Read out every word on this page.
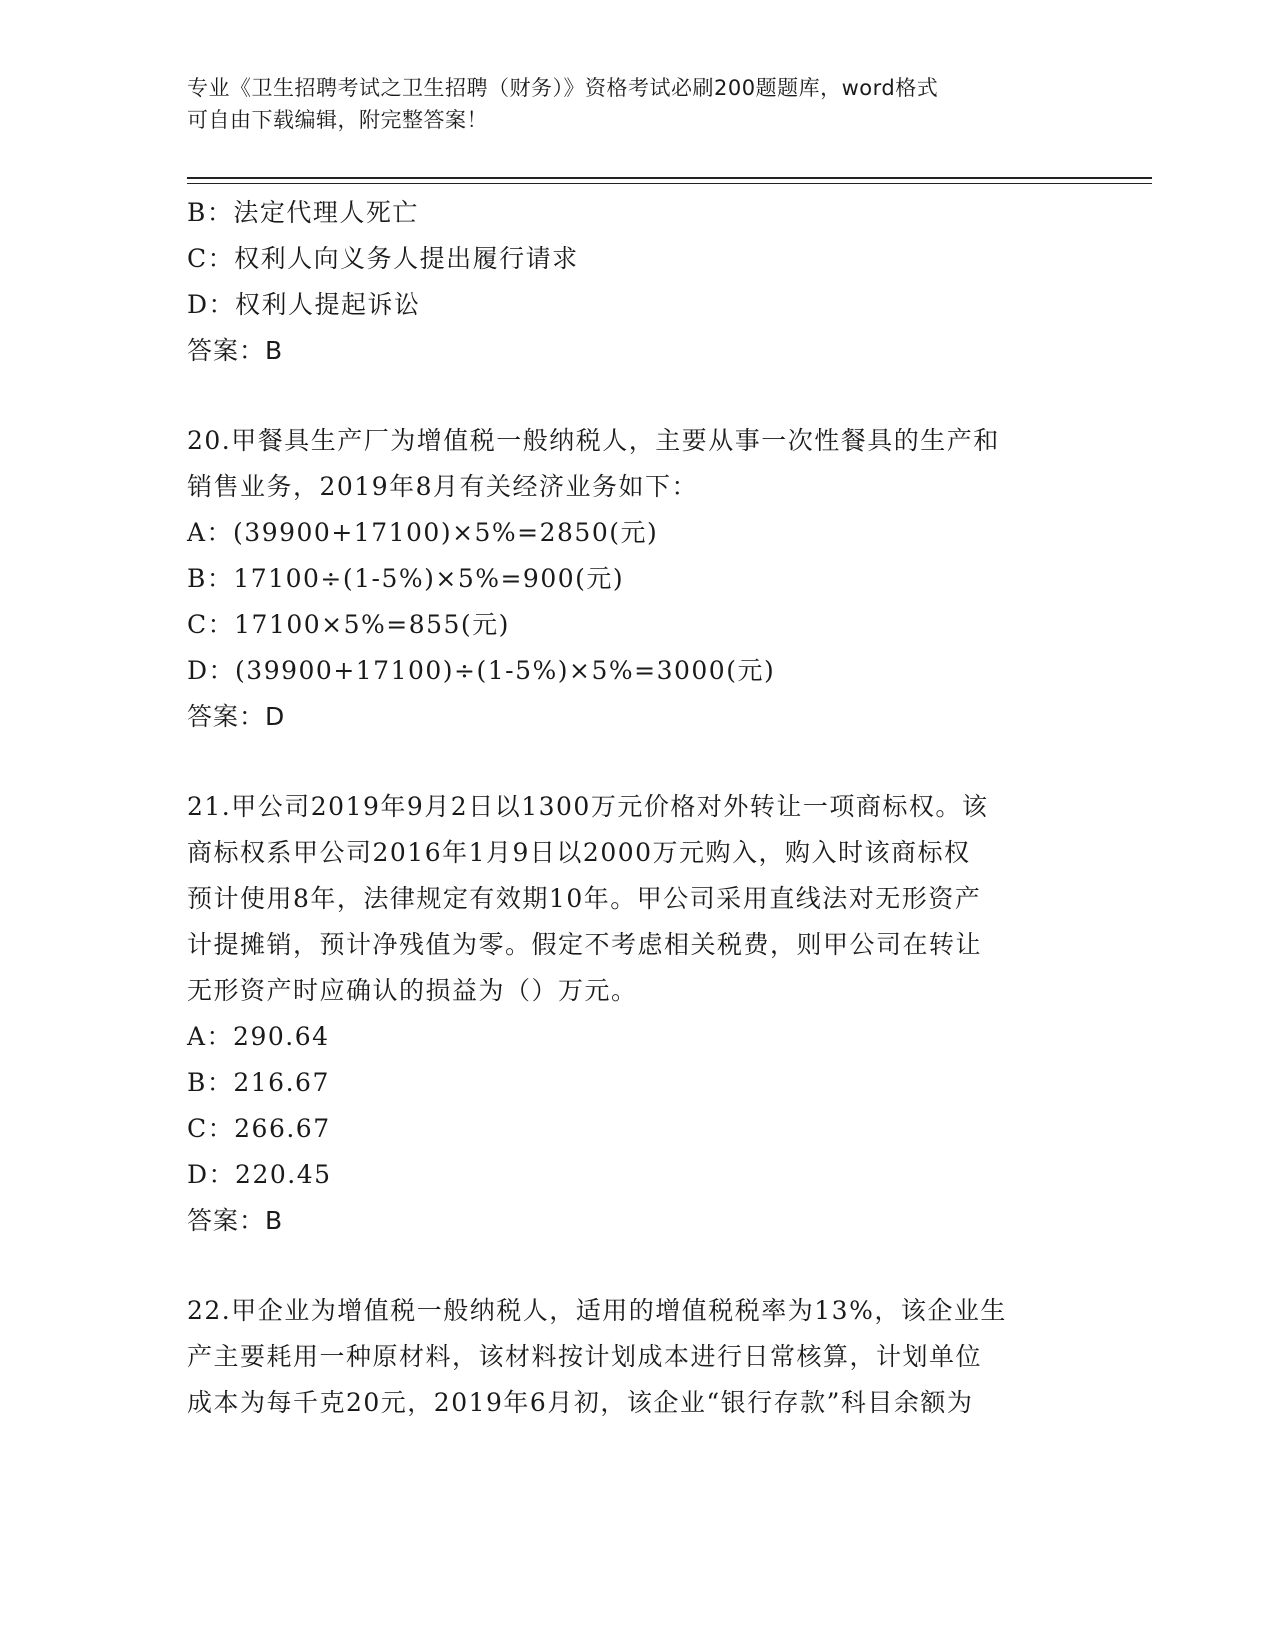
专业《卫生招聘考试之卫生招聘（财务）》资格考试必刷200题题库，word格式
可自由下载编辑，附完整答案！
B：法定代理人死亡
C：权利人向义务人提出履行请求
D：权利人提起诉讼
答案：B
20.甲餐具生产厂为增值税一般纳税人，主要从事一次性餐具的生产和
销售业务，2019年8月有关经济业务如下：
A：(39900+17100)×5%=2850(元)
B：17100÷(1-5%)×5%=900(元)
C：17100×5%=855(元)
D：(39900+17100)÷(1-5%)×5%=3000(元)
答案：D
21.甲公司2019年9月2日以1300万元价格对外转让一项商标权。该
商标权系甲公司2016年1月9日以2000万元购入，购入时该商标权
预计使用8年，法律规定有效期10年。甲公司采用直线法对无形资产
计提摊销，预计净残值为零。假定不考虑相关税费，则甲公司在转让
无形资产时应确认的损益为（）万元。
A：290.64
B：216.67
C：266.67
D：220.45
答案：B
22.甲企业为增值税一般纳税人，适用的增值税税率为13%，该企业生
产主要耗用一种原材料，该材料按计划成本进行日常核算，计划单位
成本为每千克20元，2019年6月初，该企业“银行存款”科目余额为
